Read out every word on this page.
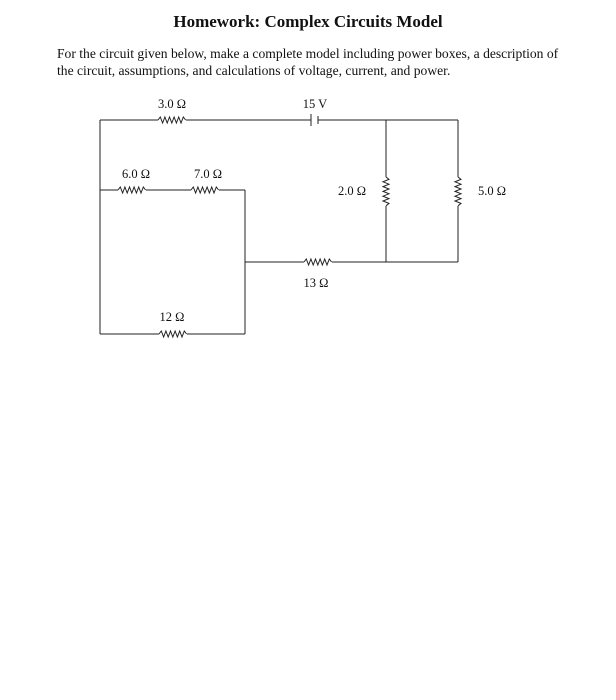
Homework: Complex Circuits Model
For the circuit given below, make a complete model including power boxes, a description of the circuit, assumptions, and calculations of voltage, current, and power.
3.0 Ω	15 V
2.0 Ω	5.0 Ω
13 Ω
6.0 Ω	7.0 Ω
12 Ω
